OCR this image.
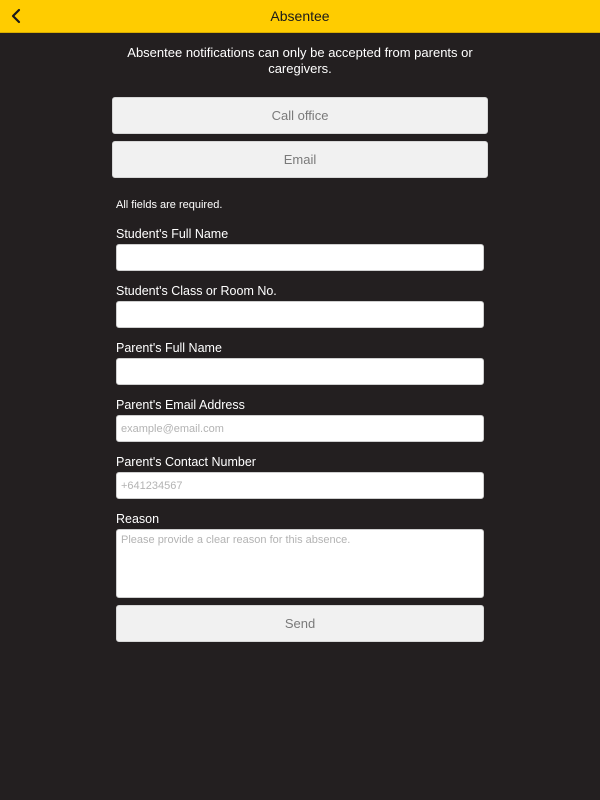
Absentee
Absentee notifications can only be accepted from parents or caregivers.
Call office
Email
All fields are required.
Student's Full Name
Student's Class or Room No.
Parent's Full Name
Parent's Email Address
example@email.com
Parent's Contact Number
+641234567
Reason
Please provide a clear reason for this absence.
Send
